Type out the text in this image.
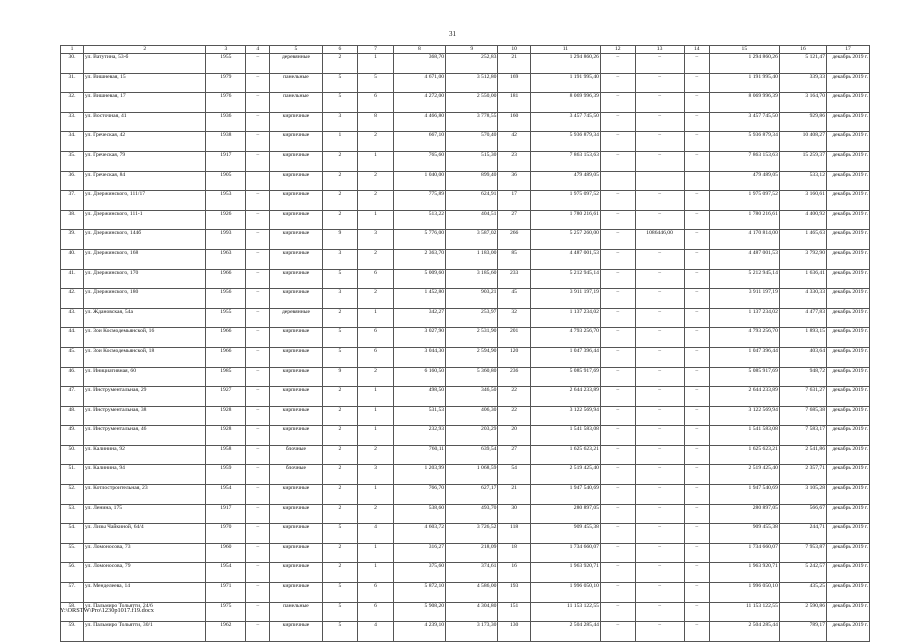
31
1	2	3	4	5	6	7	8	9	10	11	12	13	14	15	16	17
30.	ул. Ватутина, 53-б	1955	–	деревянные	2	1	368,70	252,83	21	1 294 860,26	–	–	–	1 294 860,26	5 121,47	декабрь 2019 г.
31.	ул. Вишневая, 15	1979	–	панельные	5	5	4 671,00	3 512,80	169	1 191 995,40	–	–	–	1 191 995,40	339,33	декабрь 2019 г.
32.	ул. Вишневая, 17	1976	–	панельные	5	6	4 272,00	2 550,00	181	8 069 996,39	–	–	–	8 069 996,39	3 164,70	декабрь 2019 г.
33.	ул. Восточная, 41	1936	–	кирпичные	3	8	4 466,80	3 778,55	160	3 457 745,50	–	–	–	3 457 745,50	929,86	декабрь 2019 г.
34.	ул. Греческая, 42	1938	–	кирпичные	1	2	667,10	570,40	42	5 936 879,34	–	–	–	5 936 879,34	10 408,27	декабрь 2019 г.
35.	ул. Греческая, 79	1917	–	кирпичные	2	1	765,60	515,30	23	7 863 153,63	–	–	–	7 863 153,63	15 259,37	декабрь 2019 г.
36.	ул. Греческая, 84	1905		кирпичные	2	2	1 040,00	899,40	36	479 489,05				479 489,05	533,12	декабрь 2019 г.
37.	ул. Дзержинского, 111/17	1953	–	кирпичные	2	2	775,89	624,91	17	1 975 097,52	–	–	–	1 975 097,52	3 160,61	декабрь 2019 г.
38.	ул. Дзержинского, 111-1	1926	–	кирпичные	2	1	513,22	404,51	27	1 780 216,61	–	–	–	1 780 216,61	4 400,92	декабрь 2019 г.
39.	ул. Дзержинского, 144б	1993	–	кирпичные	9	3	5 776,00	3 587,02	266	5 257 260,00	–	1086446,00	–	4 170 814,00	1 465,63	декабрь 2019 г.
40.	ул. Дзержинского, 168	1963	–	кирпичные	3	2	2 363,70	1 183,00	85	4 487 001,53	–	–	–	4 487 001,53	3 792,90	декабрь 2019 г.
41.	ул. Дзержинского, 170	1966	–	кирпичные	5	6	5 009,60	3 185,60	233	5 212 945,14	–	–	–	5 212 945,14	1 636,41	декабрь 2019 г.
42.	ул. Дзержинского, 180	1956	–	кирпичные	3	2	1 452,80	903,21	45	3 911 197,19	–	–	–	3 911 197,19	4 330,33	декабрь 2019 г.
43.	ул. Ждановская, 54а	1955	–	деревянные	2	1	342,27	253,97	32	1 137 234,02	–	–	–	1 137 234,02	4 477,83	декабрь 2019 г.
44.	ул. Зои Космодемьянской, 16	1966	–	кирпичные	5	6	3 027,90	2 531,90	201	4 793 256,70	–	–	–	4 793 256,70	1 893,15	декабрь 2019 г.
45.	ул. Зои Космодемьянской, 18	1966	–	кирпичные	5	6	3 044,30	2 594,90	120	1 047 396,44	–	–	–	1 047 396,44	403,64	декабрь 2019 г.
46.	ул. Инициативная, 60	1985	–	кирпичные	9	2	6 160,50	5 360,80	236	5 085 917,69	–	–	–	5 085 917,69	948,72	декабрь 2019 г.
47.	ул. Инструментальная, 29	1927	–	кирпичные	2	1	498,50	346,50	22	2 644 233,89	–	–	–	2 644 233,89	7 631,27	декабрь 2019 г.
48.	ул. Инструментальная, 38	1928	–	кирпичные	2	1	531,53	406,30	22	3 122 569,94	–	–	–	3 122 569,94	7 685,38	декабрь 2019 г.
49.	ул. Инструментальная, 46	1928	–	кирпичные	2	1	232,93	203,29	20	1 541 583,08	–	–	–	1 541 583,08	7 583,17	декабрь 2019 г.
50.	ул. Калинина, 92	1958	–	блочные	2	2	760,11	639,54	27	1 625 623,21	–	–	–	1 625 623,21	2 541,86	декабрь 2019 г.
51.	ул. Калинина, 94	1959	–	блочные	2	3	1 203,99	1 068,59	54	2 519 425,40	–	–	–	2 519 425,40	2 357,71	декабрь 2019 г.
52.	ул. Котлостроительная, 23	1954	–	кирпичные	2	1	766,70	627,17	21	1 947 540,69	–	–	–	1 947 540,69	3 105,28	декабрь 2019 г.
53.	ул. Ленина, 175	1917	–	кирпичные	2	2	538,60	493,70	30	280 897,05	–	–	–	280 897,05	566,67	декабрь 2019 г.
54.	ул. Лизы Чайкиной, 64/4	1970	–	кирпичные	5	4	4 603,72	3 726,52	118	909 455,38	–	–	–	909 455,38	244,71	декабрь 2019 г.
55.	ул. Ломоносова, 73	1960	–	кирпичные	2	1	316,27	218,09	18	1 734 660,07	–	–	–	1 734 660,07	7 953,87	декабрь 2019 г.
56.	ул. Ломоносова, 79	1954	–	кирпичные	2	1	375,60	374,61	16	1 963 920,71	–	–	–	1 963 920,71	5 242,57	декабрь 2019 г.
57.	ул. Менделеева, 14	1971	–	кирпичные	5	6	5 872,10	4 586,00	193	1 996 050,10	–	–	–	1 996 050,10	435,25	декабрь 2019 г.
58.	ул. Пальмиро Тольятти, 24/6	1975	–	панельные	5	6	5 908,20	4 304,80	151	11 153 122,55	–	–	–	11 153 122,55	2 590,86	декабрь 2019 г.
59.	ул. Пальмиро Тольятти, 30/1	1962	–	кирпичные	5	4	4 239,10	3 173,30	130	2 504 285,44	–	–	–	2 504 285,44	789,17	декабрь 2019 г.
Y:\ORSTW\Pro\1230p1017.f19.docx
